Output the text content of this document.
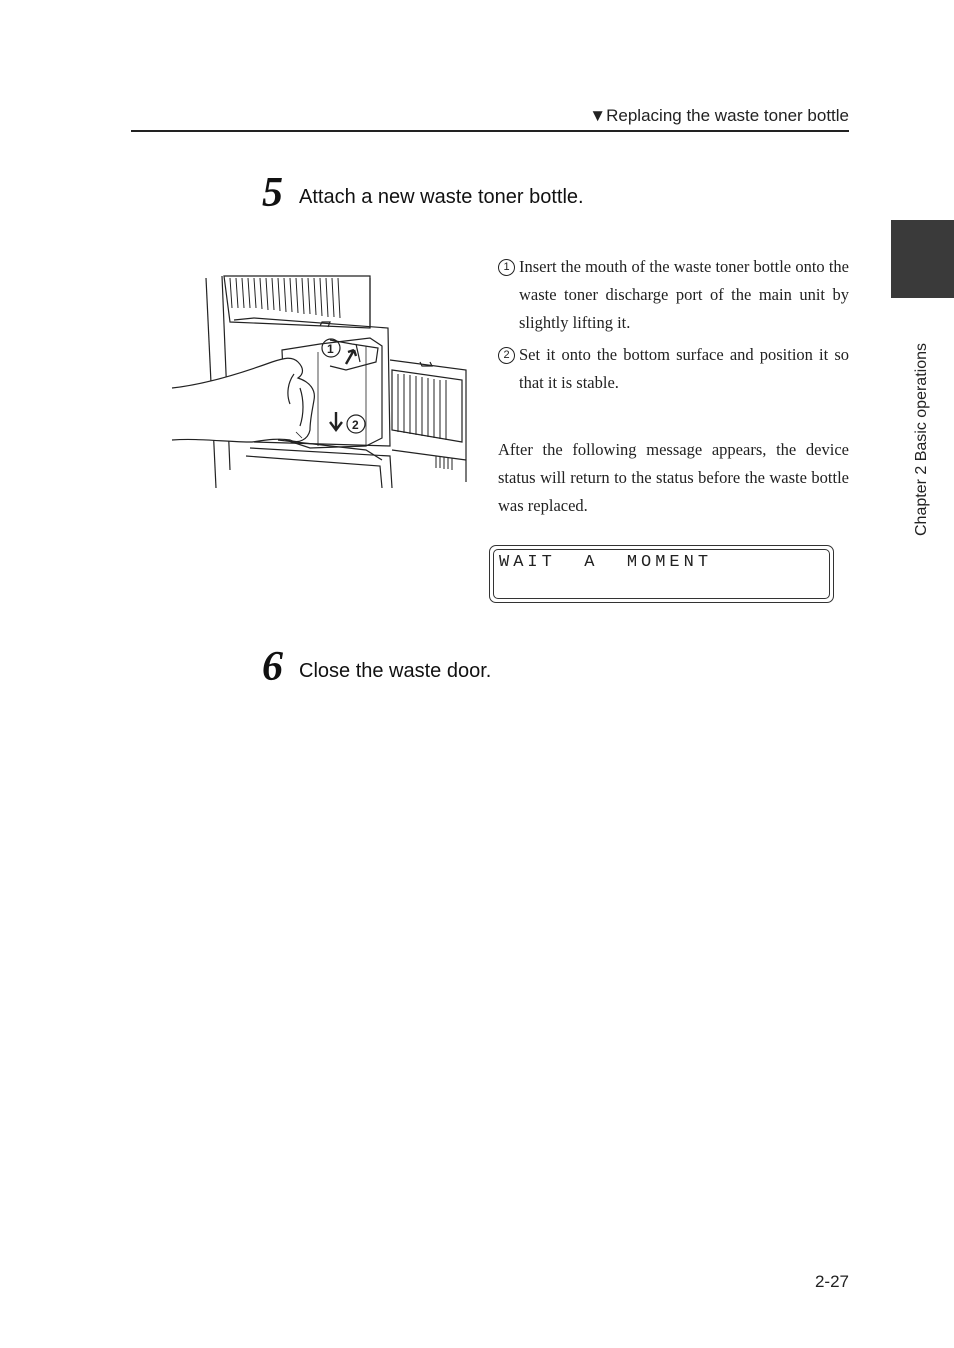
▼Replacing the waste toner bottle
Chapter 2 Basic operations
5 Attach a new waste toner bottle.
1
2
1 Insert the mouth of the waste toner bottle onto the waste toner discharge port of the main unit by slightly lifting it.
2 Set it onto the bottom surface and position it so that it is stable.
After the following message appears, the device status will return to the status before the waste bottle was replaced.
WAIT  A  MOMENT
6 Close the waste door.
2-27
